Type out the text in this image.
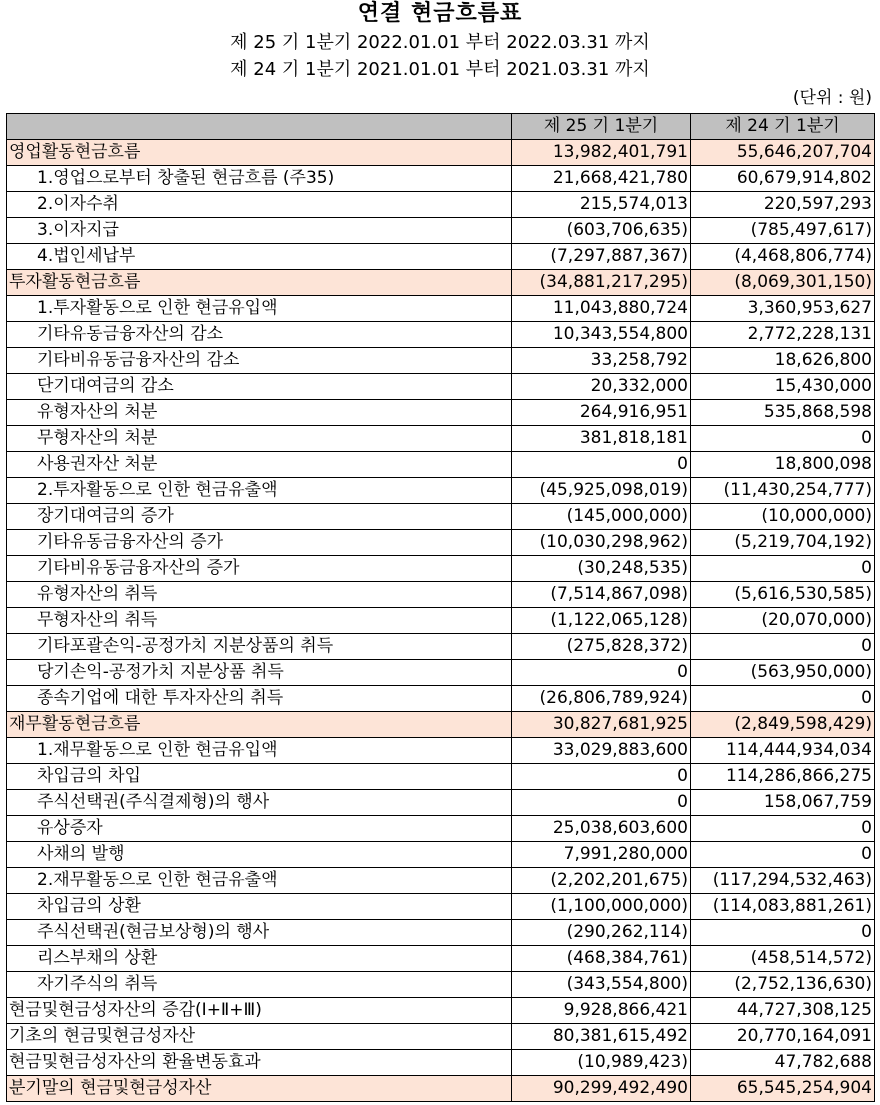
연결 현금흐름표
제 25 기 1분기 2022.01.01 부터 2022.03.31 까지
제 24 기 1분기 2021.01.01 부터 2021.03.31 까지
(단위 : 원)
	제 25 기 1분기	제 24 기 1분기
영업활동현금흐름	13,982,401,791	55,646,207,704
1.영업으로부터 창출된 현금흐름 (주35)	21,668,421,780	60,679,914,802
2.이자수취	215,574,013	220,597,293
3.이자지급	(603,706,635)	(785,497,617)
4.법인세납부	(7,297,887,367)	(4,468,806,774)
투자활동현금흐름	(34,881,217,295)	(8,069,301,150)
1.투자활동으로 인한 현금유입액	11,043,880,724	3,360,953,627
기타유동금융자산의 감소	10,343,554,800	2,772,228,131
기타비유동금융자산의 감소	33,258,792	18,626,800
단기대여금의 감소	20,332,000	15,430,000
유형자산의 처분	264,916,951	535,868,598
무형자산의 처분	381,818,181	0
사용권자산 처분	0	18,800,098
2.투자활동으로 인한 현금유출액	(45,925,098,019)	(11,430,254,777)
장기대여금의 증가	(145,000,000)	(10,000,000)
기타유동금융자산의 증가	(10,030,298,962)	(5,219,704,192)
기타비유동금융자산의 증가	(30,248,535)	0
유형자산의 취득	(7,514,867,098)	(5,616,530,585)
무형자산의 취득	(1,122,065,128)	(20,070,000)
기타포괄손익-공정가치 지분상품의 취득	(275,828,372)	0
당기손익-공정가치 지분상품 취득	0	(563,950,000)
종속기업에 대한 투자자산의 취득	(26,806,789,924)	0
재무활동현금흐름	30,827,681,925	(2,849,598,429)
1.재무활동으로 인한 현금유입액	33,029,883,600	114,444,934,034
차입금의 차입	0	114,286,866,275
주식선택권(주식결제형)의 행사	0	158,067,759
유상증자	25,038,603,600	0
사채의 발행	7,991,280,000	0
2.재무활동으로 인한 현금유출액	(2,202,201,675)	(117,294,532,463)
차입금의 상환	(1,100,000,000)	(114,083,881,261)
주식선택권(현금보상형)의 행사	(290,262,114)	0
리스부채의 상환	(468,384,761)	(458,514,572)
자기주식의 취득	(343,554,800)	(2,752,136,630)
현금및현금성자산의 증감(Ⅰ+Ⅱ+Ⅲ)	9,928,866,421	44,727,308,125
기초의 현금및현금성자산	80,381,615,492	20,770,164,091
현금및현금성자산의 환율변동효과	(10,989,423)	47,782,688
분기말의 현금및현금성자산	90,299,492,490	65,545,254,904
